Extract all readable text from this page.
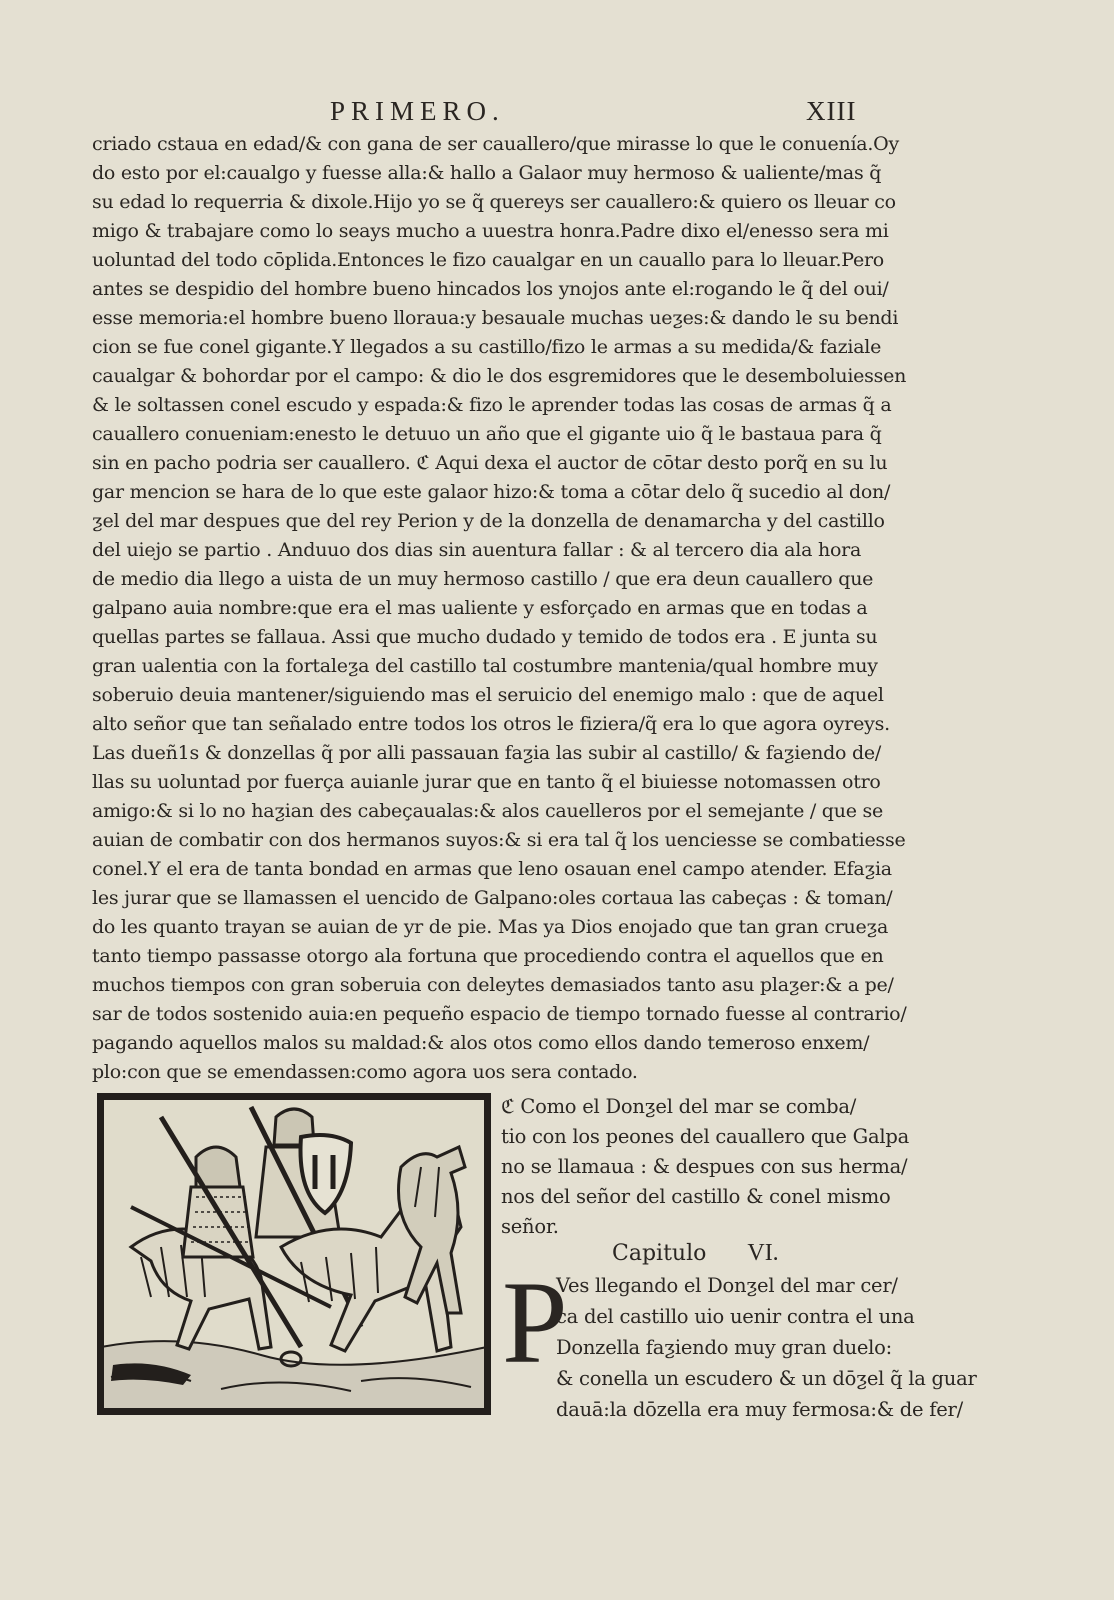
PRIMERO.	XIII
criado cstaua en edad/& con gana de ser cauallero/que mirasse lo que le conuenía.Oy
do esto por el:caualgo y fuesse alla:& hallo a Galaor muy hermoso & ualiente/mas q̃
su edad lo requerria & dixole.Hijo yo se q̃ quereys ser cauallero:& quiero os lleuar co
migo & trabajare como lo seays mucho a uuestra honra.Padre dixo el/enesso sera mi
uoluntad del todo cōplida.Entonces le fizo caualgar en un cauallo para lo lleuar.Pero
antes se despidio del hombre bueno hincados los ynojos ante el:rogando le q̃ del oui/
esse memoria:el hombre bueno lloraua:y besauale muchas ueƺes:& dando le su bendi
cion se fue conel gigante.Y llegados a su castillo/fizo le armas a su medida/& faziale
caualgar & bohordar por el campo: & dio le dos esgremidores que le desemboluiessen
& le soltassen conel escudo y espada:& fizo le aprender todas las cosas de armas q̃ a
cauallero conueniam:enesto le detuuo un año que el gigante uio q̃ le bastaua para q̃
sin en pacho podria ser cauallero. ℭ Aqui dexa el auctor de cōtar desto porq̃ en su lu
gar mencion se hara de lo que este galaor hizo:& toma a cōtar delo q̃ sucedio al don/
ƺel del mar despues que del rey Perion y de la donzella de denamarcha y del castillo
del uiejo se partio . Anduuo dos dias sin auentura fallar : & al tercero dia ala hora
de medio dia llego a uista de un muy hermoso castillo / que era deun cauallero que
galpano auia nombre:que era el mas ualiente y esforçado en armas que en todas a
quellas partes se fallaua. Assi que mucho dudado y temido de todos era . E junta su
gran ualentia con la fortaleƺa del castillo tal costumbre mantenia/qual hombre muy
soberuio deuia mantener/siguiendo mas el seruicio del enemigo malo : que de aquel
alto señor que tan señalado entre todos los otros le fiziera/q̃ era lo que agora oyreys.
Las dueñ1s & donzellas q̃ por alli passauan faƺia las subir al castillo/ & faƺiendo de/
llas su uoluntad por fuerça auianle jurar que en tanto q̃ el biuiesse notomassen otro
amigo:& si lo no haƺian des cabeçaualas:& alos cauelleros por el semejante / que se
auian de combatir con dos hermanos suyos:& si era tal q̃ los uenciesse se combatiesse
conel.Y el era de tanta bondad en armas que leno osauan enel campo atender. Efaƺia
les jurar que se llamassen el uencido de Galpano:oles cortaua las cabeças : & toman/
do les quanto trayan se auian de yr de pie. Mas ya Dios enojado que tan gran crueƺa
tanto tiempo passasse otorgo ala fortuna que procediendo contra el aquellos que en
muchos tiempos con gran soberuia con deleytes demasiados tanto asu plaƺer:& a pe/
sar de todos sostenido auia:en pequeño espacio de tiempo tornado fuesse al contrario/
pagando aquellos malos su maldad:& alos otos como ellos dando temeroso enxem/
plo:con que se emendassen:como agora uos sera contado.
ℭ Como el Donƺel del mar se comba/
tio con los peones del cauallero que Galpa
no se llamaua : & despues con sus herma/
nos del señor del castillo & conel mismo
señor.
Capitulo VI.
P
Ves llegando el Donƺel del mar cer/
ca del castillo uio uenir contra el una
Donzella faƺiendo muy gran duelo:
& conella un escudero & un dōƺel q̃ la guar
dauā:la dōzella era muy fermosa:& de fer/
